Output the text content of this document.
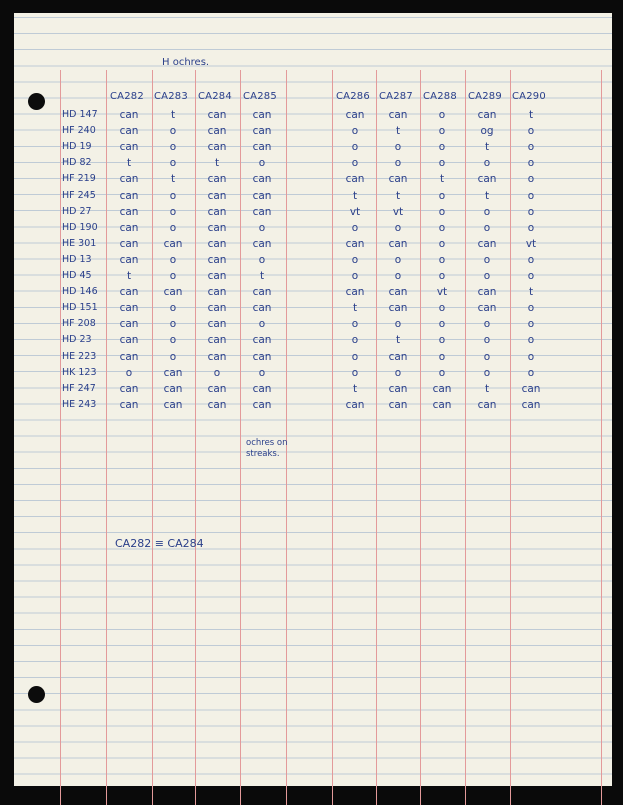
H ochres.
CA282 CA283 CA284 CA285	CA286 CA287 CA288 CA289 CA290
HD 147	can	t	can	can	can	can	o	can	t
HF 240	can	o	can	can	o	t	o	og	o
HD 19	can	o	can	can	o	o	o	t	o
HD 82	t	o	t	o	o	o	o	o	o
HF 219	can	t	can	can	can	can	t	can	o
HF 245	can	o	can	can	t	t	o	t	o
HD 27	can	o	can	can	vt	vt	o	o	o
HD 190	can	o	can	o	o	o	o	o	o
HE 301	can	can	can	can	can	can	o	can	vt
HD 13	can	o	can	o	o	o	o	o	o
HD 45	t	o	can	t	o	o	o	o	o
HD 146	can	can	can	can	can	can	vt	can	t
HD 151	can	o	can	can	t	can	o	can	o
HF 208	can	o	can	o	o	o	o	o	o
HD 23	can	o	can	can	o	t	o	o	o
HE 223	can	o	can	can	o	can	o	o	o
HK 123	o	can	o	o	o	o	o	o	o
HF 247	can	can	can	can	t	can	can	t	can
HE 243	can	can	can	can	can	can	can	can	can
ochres on streaks.
CA282 ≡ CA284
